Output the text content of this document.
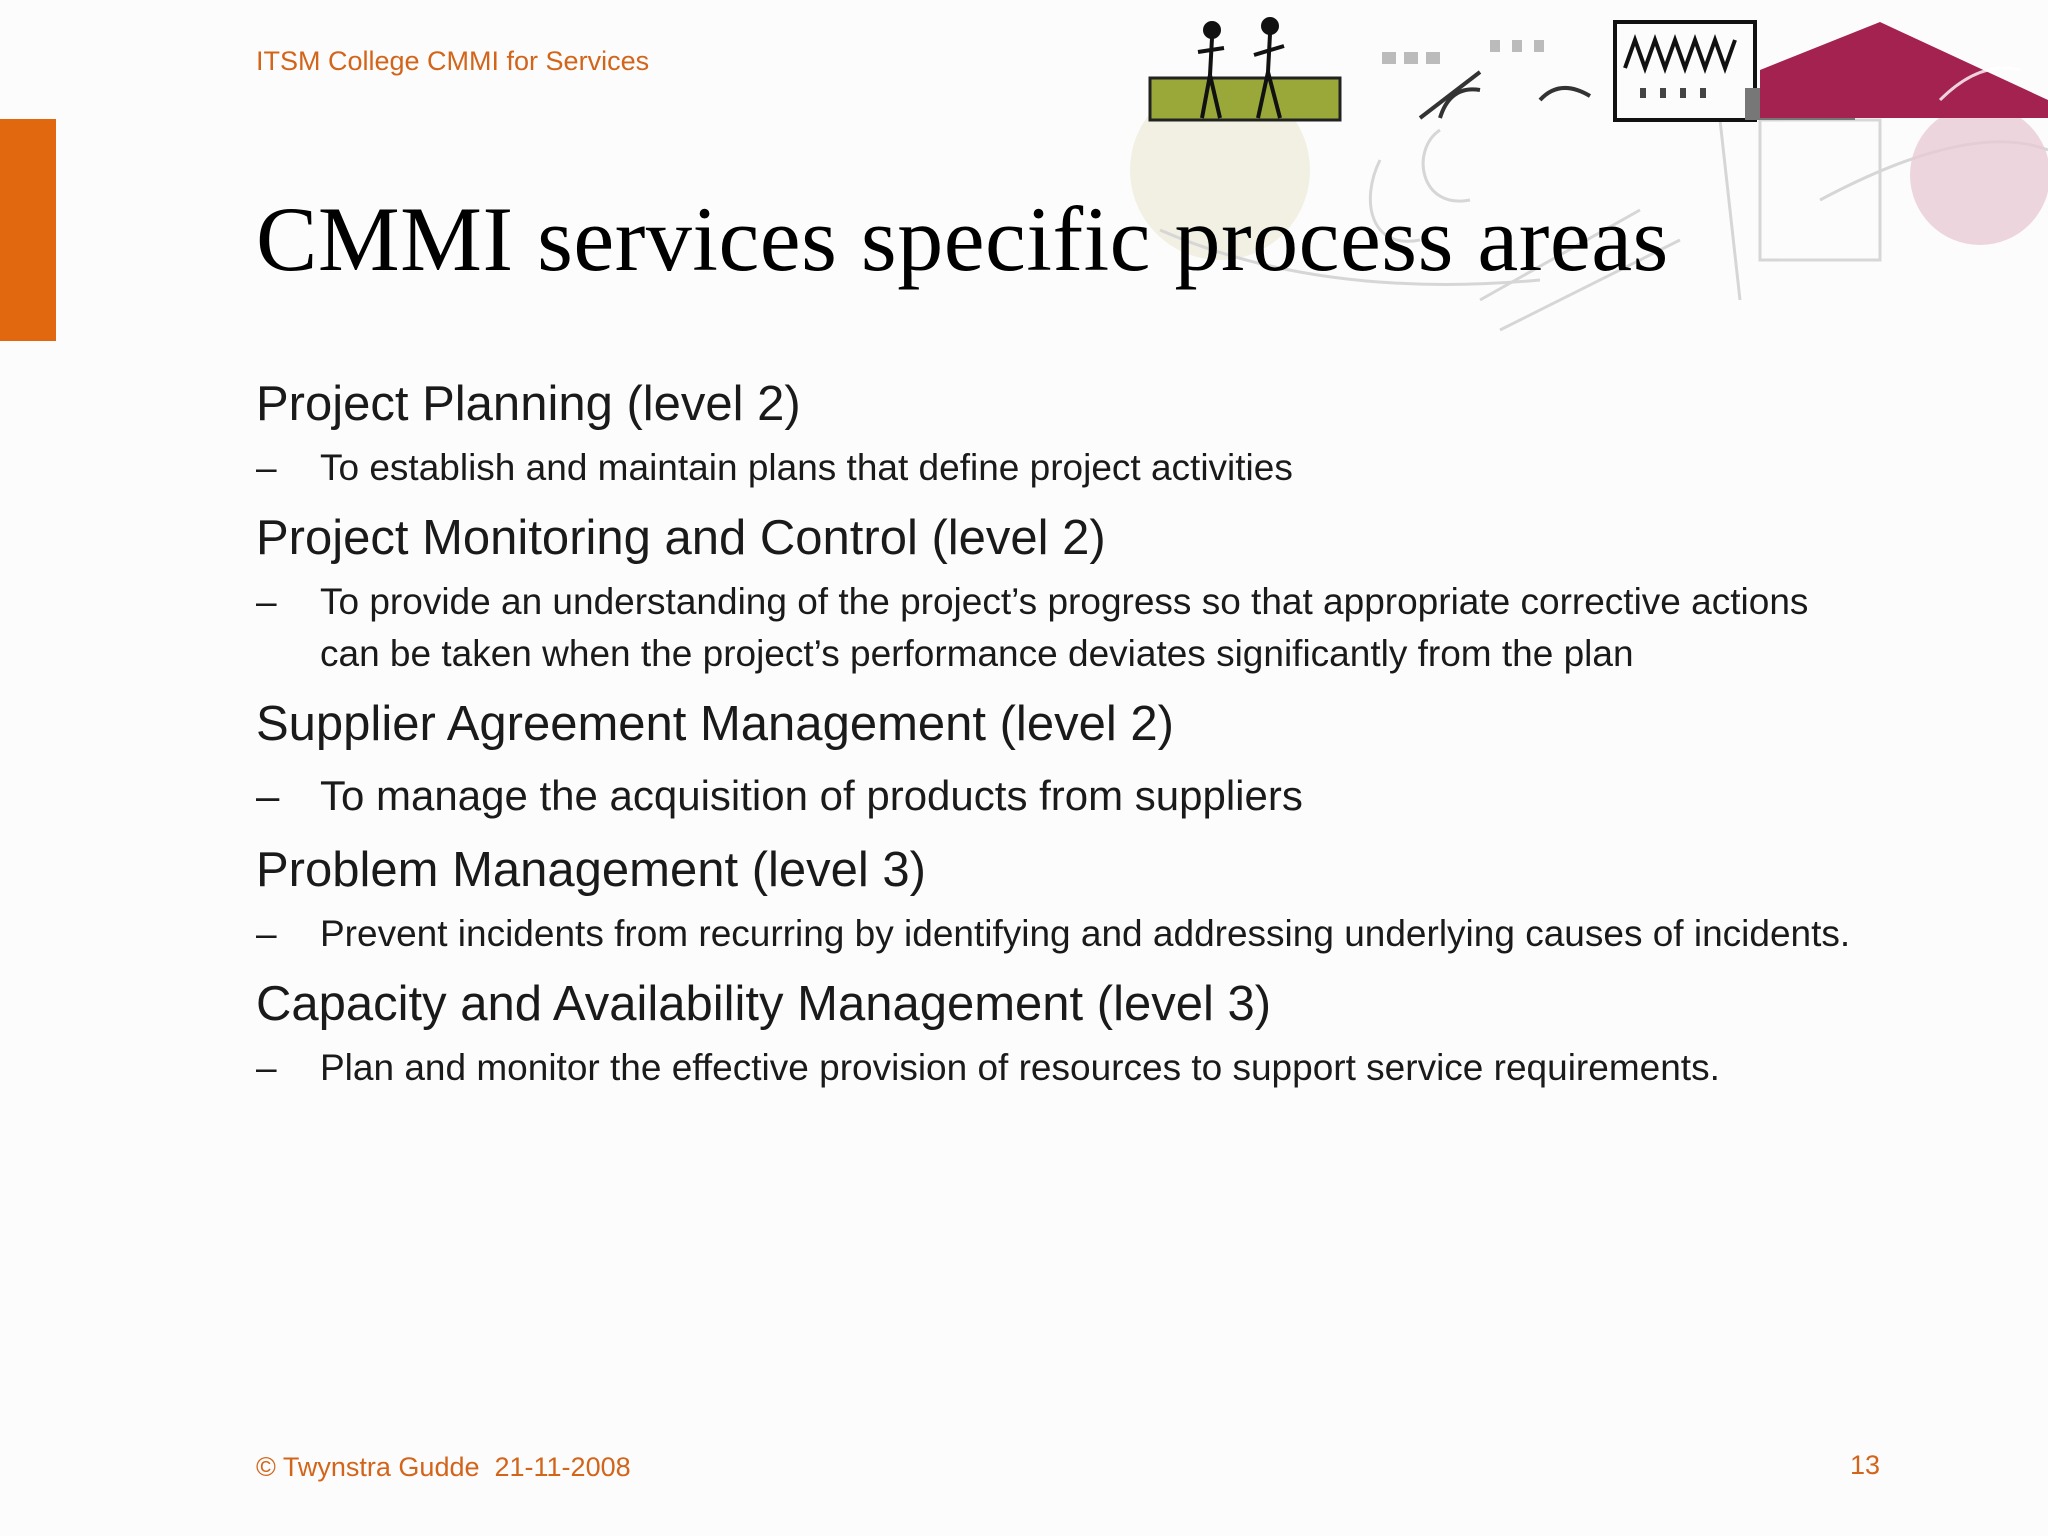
ITSM College CMMI for Services
CMMI services specific process areas
Project Planning (level 2)
– To establish and maintain plans that define project activities
Project Monitoring and Control (level 2)
– To provide an understanding of the project’s progress so that appropriate corrective actions can be taken when the project’s performance deviates significantly from the plan
Supplier Agreement Management (level 2)
– To manage the acquisition of products from suppliers
Problem Management (level 3)
– Prevent incidents from recurring by identifying and addressing underlying causes of incidents.
Capacity and Availability Management (level 3)
– Plan and monitor the effective provision of resources to support service requirements.
© Twynstra Gudde  21-11-2008	13
